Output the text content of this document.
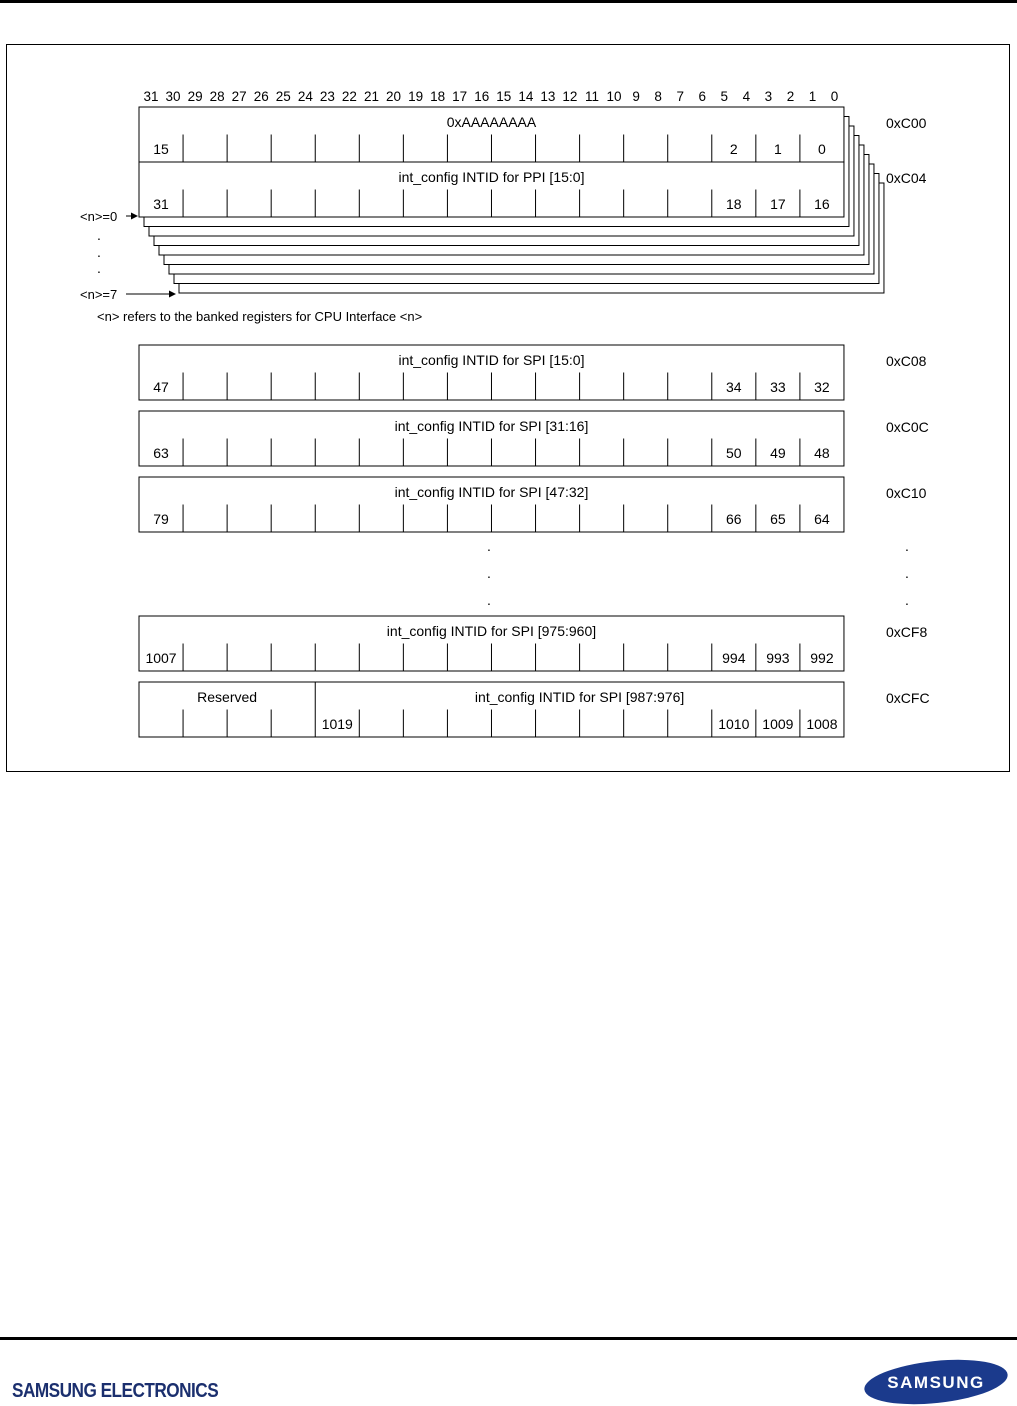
31 30 29 28 27 26 25 24 23 22 21 20 19 18 17 16 15 14 13 12 11 10 9 8 7 6 5 4 3 2 1 0
0xAAAAAAAA
15	2	1	0
0xC00
int_config INTID for PPI [15:0]
31	18 17 16
0xC04
<n>=0
.
.
.
<n>=7
<n> refers to the banked registers for CPU Interface <n>
int_config INTID for SPI [15:0]
47	34 33 32
0xC08
int_config INTID for SPI [31:16]
63	50 49 48
0xC0C
int_config INTID for SPI [47:32]
79	66 65 64
0xC10
.
.
.
.
.
.
int_config INTID for SPI [975:960]
1007	994 993 992
0xCF8
Reserved	int_config INTID for SPI [987:976]
1019	1010 1009 1008
0xCFC
SAMSUNG ELECTRONICS	SAMSUNG
